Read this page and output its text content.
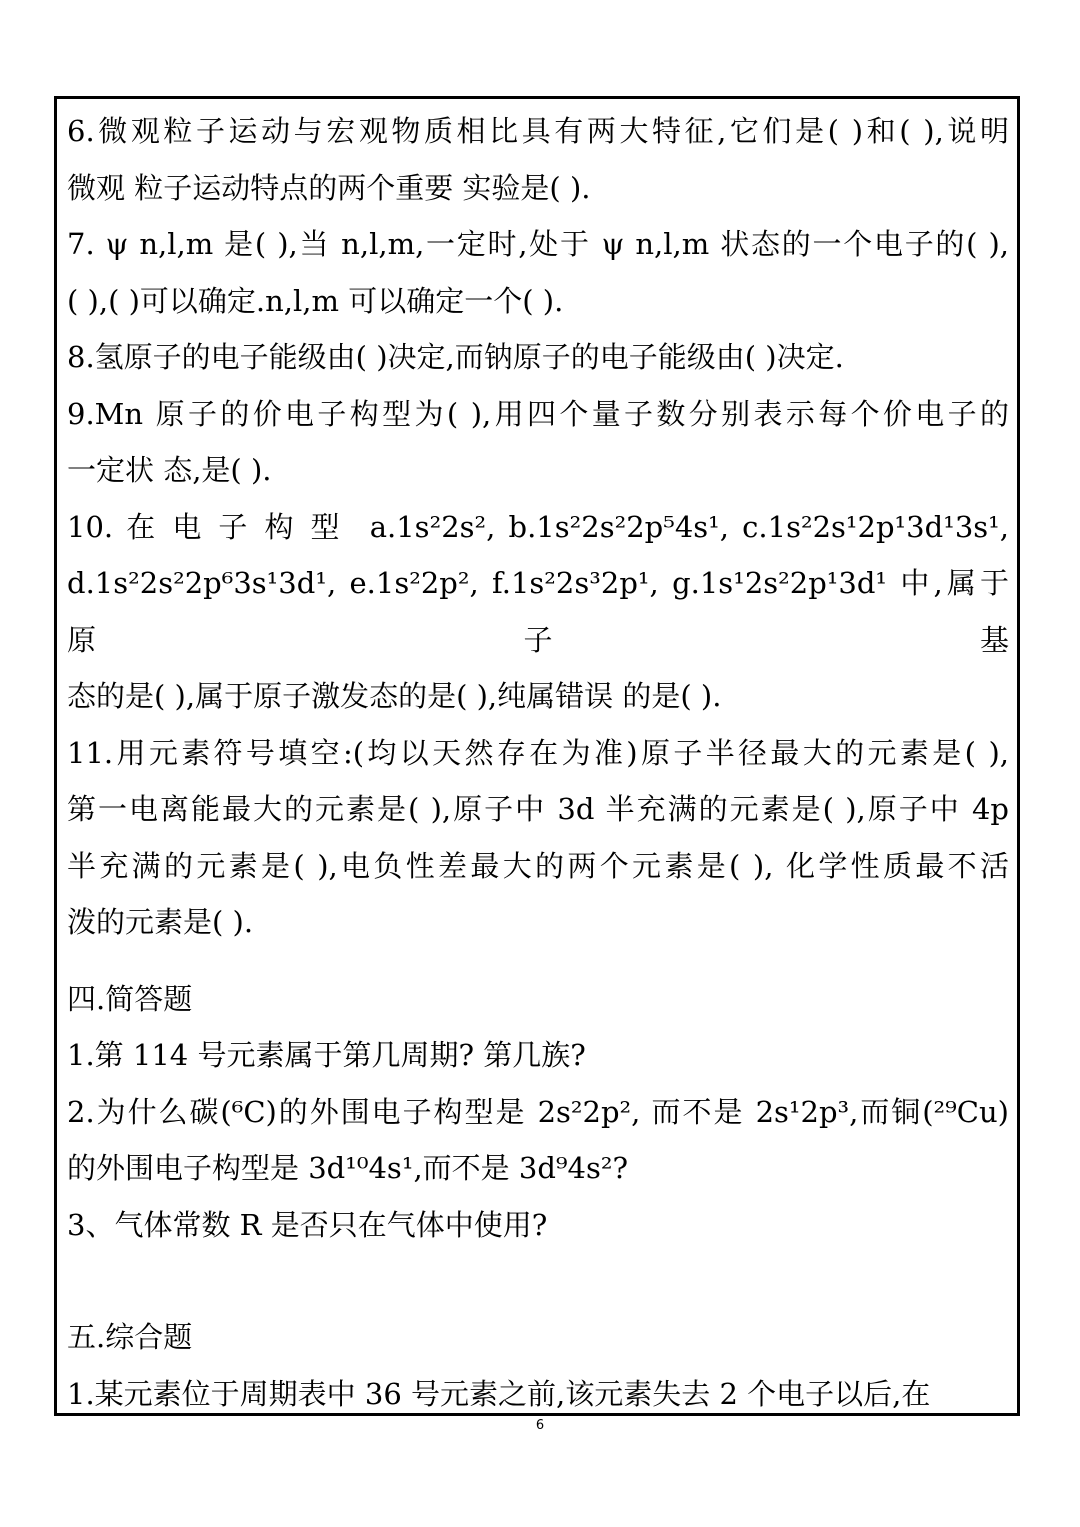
6.微观粒子运动与宏观物质相比具有两大特征,它们是( )和( ),说明

微观 粒子运动特点的两个重要 实验是( ).

7. ψ n,l,m 是( ),当 n,l,m,一定时,处于 ψ n,l,m 状态的一个电子的( ),

( ),( )可以确定.n,l,m 可以确定一个( ).

8.氢原子的电子能级由( )决定,而钠原子的电子能级由( )决定.

9.Mn 原子的价电子构型为( ),用四个量子数分别表示每个价电子的

一定状 态,是( ).

10. 在 电 子 构 型  a.1s²2s², b.1s²2s²2p⁵4s¹, c.1s²2s¹2p¹3d¹3s¹,

d.1s²2s²2p⁶3s¹3d¹, e.1s²2p², f.1s²2s³2p¹, g.1s¹2s²2p¹3d¹ 中,属于原子基

态的是( ),属于原子激发态的是( ),纯属错误 的是( ).

11.用元素符号填空:(均以天然存在为准)原子半径最大的元素是( ),

第一电离能最大的元素是( ),原子中 3d 半充满的元素是( ),原子中 4p

半充满的元素是( ),电负性差最大的两个元素是( ), 化学性质最不活

泼的元素是( ).

四.简答题

1.第 114 号元素属于第几周期? 第几族?

2.为什么碳(⁶C)的外围电子构型是 2s²2p², 而不是 2s¹2p³,而铜(²⁹Cu)

的外围电子构型是 3d¹⁰4s¹,而不是 3d⁹4s²?

3、气体常数 R 是否只在气体中使用?

五.综合题

1.某元素位于周期表中 36 号元素之前,该元素失去 2 个电子以后,在

6
